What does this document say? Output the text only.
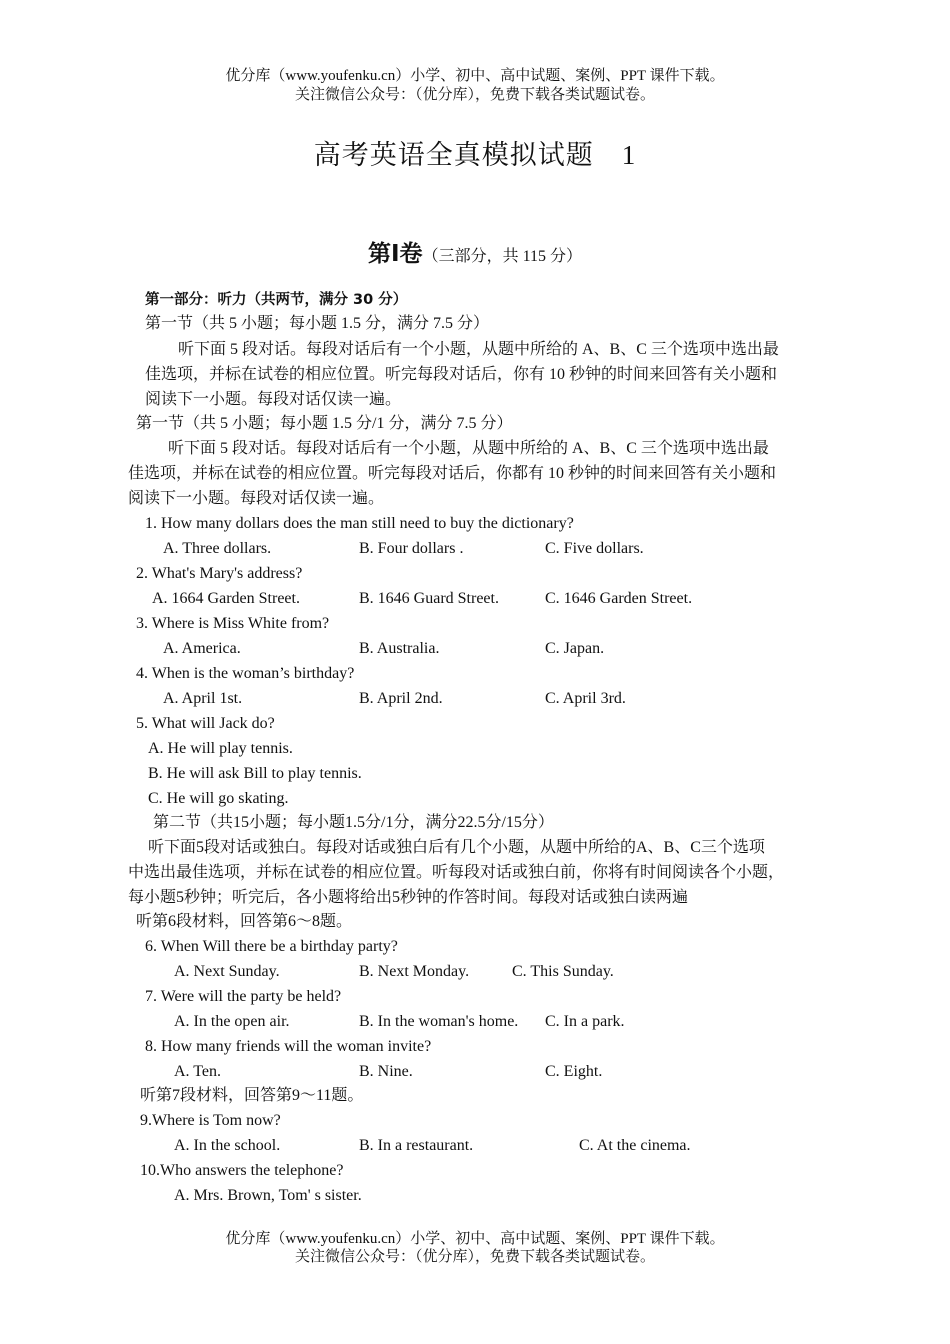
优分库（www.youfenku.cn）小学、初中、高中试题、案例、PPT 课件下载。
关注微信公众号：（优分库），免费下载各类试题试卷。
高考英语全真模拟试题　1
第Ⅰ卷（三部分，共 115 分）
第一部分：听力（共两节，满分 30 分）
第一节（共 5 小题；每小题 1.5 分，满分 7.5 分）
听下面 5 段对话。每段对话后有一个小题，从题中所给的 A、B、C 三个选项中选出最
佳选项，并标在试卷的相应位置。听完每段对话后，你有 10 秒钟的时间来回答有关小题和
阅读下一小题。每段对话仅读一遍。
第一节（共 5 小题；每小题 1.5 分/1 分，满分 7.5 分）
听下面 5 段对话。每段对话后有一个小题，从题中所给的 A、B、C 三个选项中选出最
佳选项，并标在试卷的相应位置。听完每段对话后，你都有 10 秒钟的时间来回答有关小题和
阅读下一小题。每段对话仅读一遍。
1. How many dollars does the man still need to buy the dictionary?
A. Three dollars.	B. Four dollars .	C. Five dollars.
2. What's Mary's address?
A. 1664 Garden Street.	B. 1646 Guard Street.	C. 1646 Garden Street.
3. Where is Miss White from?
A. America.	B. Australia.	C. Japan.
4. When is the woman’s birthday?
A. April 1st.	B. April 2nd.	C. April 3rd.
5. What will Jack do?
A. He will play tennis.
B. He will ask Bill to play tennis.
C. He will go skating.
第二节（共15小题；每小题1.5分/1分，满分22.5分/15分）
听下面5段对话或独白。每段对话或独白后有几个小题，从题中所给的A、B、C三个选项
中选出最佳选项，并标在试卷的相应位置。听每段对话或独白前，你将有时间阅读各个小题，
每小题5秒钟；听完后，各小题将给出5秒钟的作答时间。每段对话或独白读两遍
听第6段材料，回答第6～8题。
6. When Will there be a birthday party?
A. Next Sunday.	B. Next Monday.	C. This Sunday.
7. Were will the party be held?
A. In the open air.	B. In the woman's home. C. In a park.
8. How many friends will the woman invite?
A. Ten.	B. Nine.	C. Eight.
听第7段材料，回答第9～11题。
9.Where is Tom now?
A. In the school.	B. In a restaurant.	C. At the cinema.
10.Who answers the telephone?
A. Mrs. Brown, Tom' s sister.
优分库（www.youfenku.cn）小学、初中、高中试题、案例、PPT 课件下载。
关注微信公众号：（优分库），免费下载各类试题试卷。
